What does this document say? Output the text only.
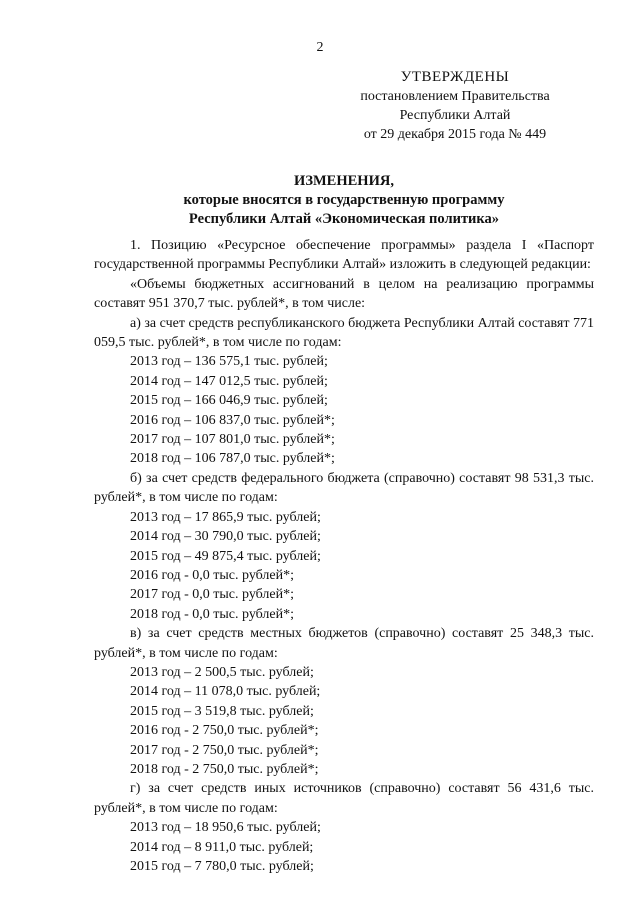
2
УТВЕРЖДЕНЫ
постановлением Правительства
Республики Алтай
от 29 декабря 2015 года № 449
ИЗМЕНЕНИЯ,
которые вносятся в государственную программу
Республики Алтай «Экономическая политика»

1. Позицию «Ресурсное обеспечение программы» раздела I «Паспорт государственной программы Республики Алтай» изложить в следующей редакции:

«Объемы бюджетных ассигнований в целом на реализацию программы составят 951 370,7 тыс. рублей*, в том числе:

а) за счет средств республиканского бюджета Республики Алтай составят 771 059,5 тыс. рублей*, в том числе по годам:

2013 год – 136 575,1 тыс. рублей;

2014 год – 147 012,5 тыс. рублей;

2015 год – 166 046,9 тыс. рублей;

2016 год – 106 837,0 тыс. рублей*;

2017 год – 107 801,0 тыс. рублей*;

2018 год – 106 787,0 тыс. рублей*;

б) за счет средств федерального бюджета (справочно) составят 98 531,3 тыс. рублей*, в том числе по годам:

2013 год – 17 865,9 тыс. рублей;

2014 год – 30 790,0 тыс. рублей;

2015 год – 49 875,4 тыс. рублей;

2016 год - 0,0 тыс. рублей*;

2017 год - 0,0 тыс. рублей*;

2018 год - 0,0 тыс. рублей*;

в) за счет средств местных бюджетов (справочно) составят 25 348,3 тыс. рублей*, в том числе по годам:

2013 год – 2 500,5 тыс. рублей;

2014 год – 11 078,0 тыс. рублей;

2015 год – 3 519,8 тыс. рублей;

2016 год - 2 750,0 тыс. рублей*;

2017 год - 2 750,0 тыс. рублей*;

2018 год - 2 750,0 тыс. рублей*;

г) за счет средств иных источников (справочно) составят 56 431,6 тыс. рублей*, в том числе по годам:

2013 год – 18 950,6 тыс. рублей;

2014 год – 8 911,0 тыс. рублей;

2015 год – 7 780,0 тыс. рублей;
